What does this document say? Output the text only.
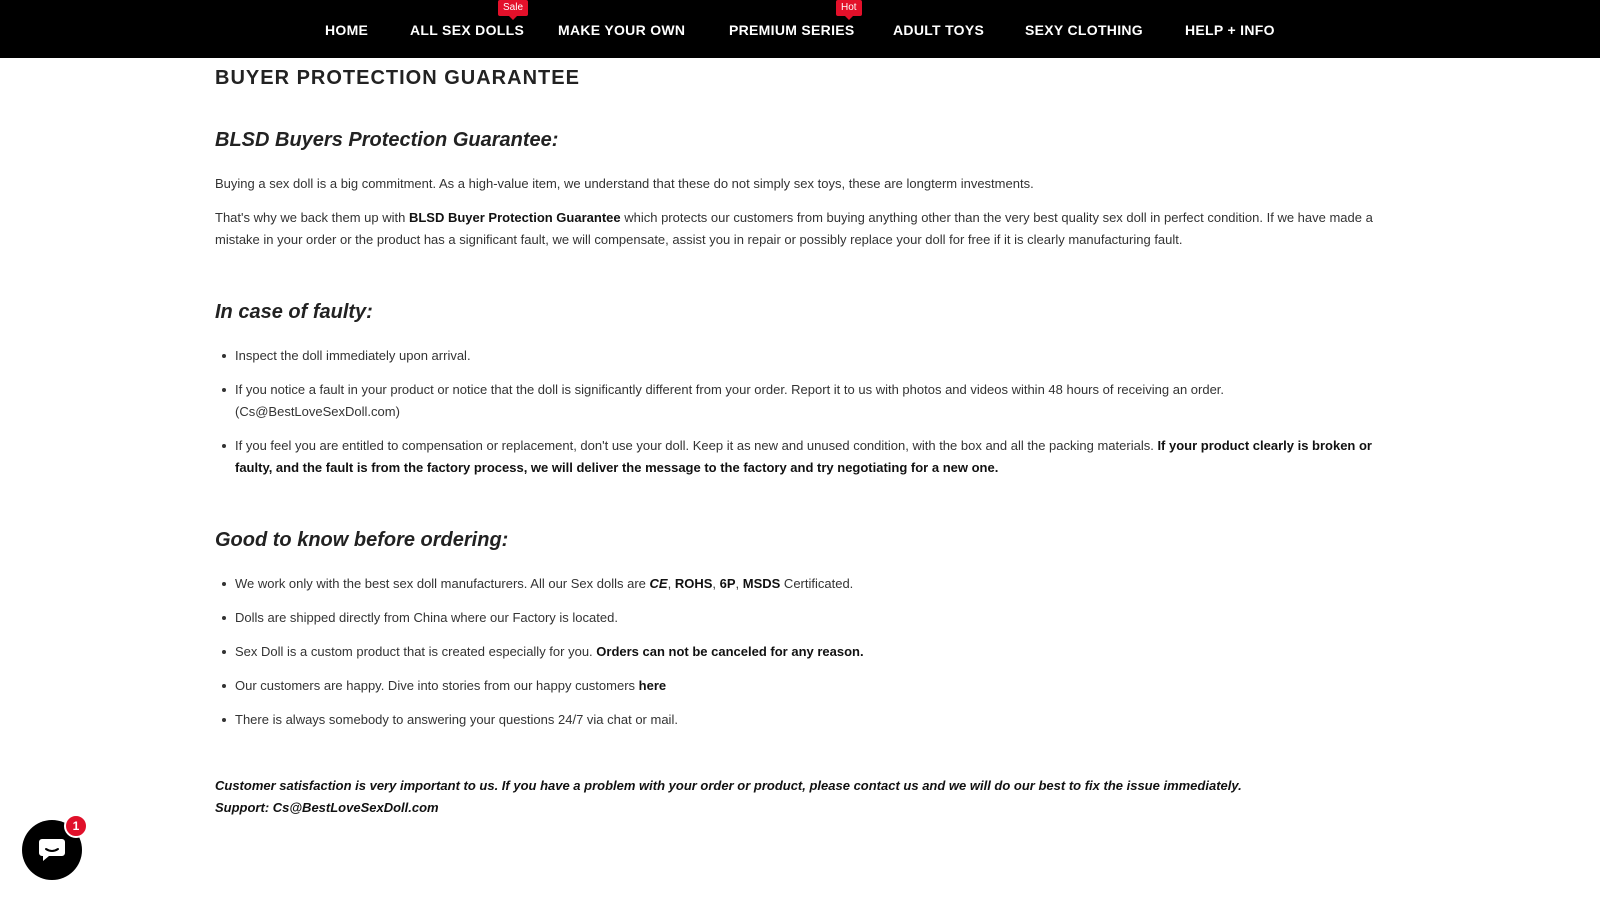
HOME	ALL SEX DOLLS
Sale
MAKE YOUR OWN	PREMIUM SERIES
Hot
ADULT TOYS	SEXY CLOTHING	HELP + INFO
BUYER PROTECTION GUARANTEE
BLSD Buyers Protection Guarantee:

Buying a sex doll is a big commitment. As a high-value item, we understand that these do not simply sex toys, these are longterm investments.

That's why we back them up with BLSD Buyer Protection Guarantee which protects our customers from buying anything other than the very best quality sex doll in perfect condition. If we have made a mistake in your order or the product has a significant fault, we will compensate, assist you in repair or possibly replace your doll for free if it is clearly manufacturing fault.

In case of faulty:
Inspect the doll immediately upon arrival.
If you notice a fault in your product or notice that the doll is significantly different from your order. Report it to us with photos and videos within 48 hours of receiving an order. (Cs@BestLoveSexDoll.com)
If you feel you are entitled to compensation or replacement, don't use your doll. Keep it as new and unused condition, with the box and all the packing materials. If your product clearly is broken or faulty, and the fault is from the factory process, we will deliver the message to the factory and try negotiating for a new one.
Good to know before ordering:
We work only with the best sex doll manufacturers. All our Sex dolls are CE, ROHS, 6P, MSDS Certificated.
Dolls are shipped directly from China where our Factory is located.
Sex Doll is a custom product that is created especially for you. Orders can not be canceled for any reason.
Our customers are happy. Dive into stories from our happy customers here
There is always somebody to answering your questions 24/7 via chat or mail.

Customer satisfaction is very important to us. If you have a problem with your order or product, please contact us and we will do our best to fix the issue immediately.

Support: Cs@BestLoveSexDoll.com

1
